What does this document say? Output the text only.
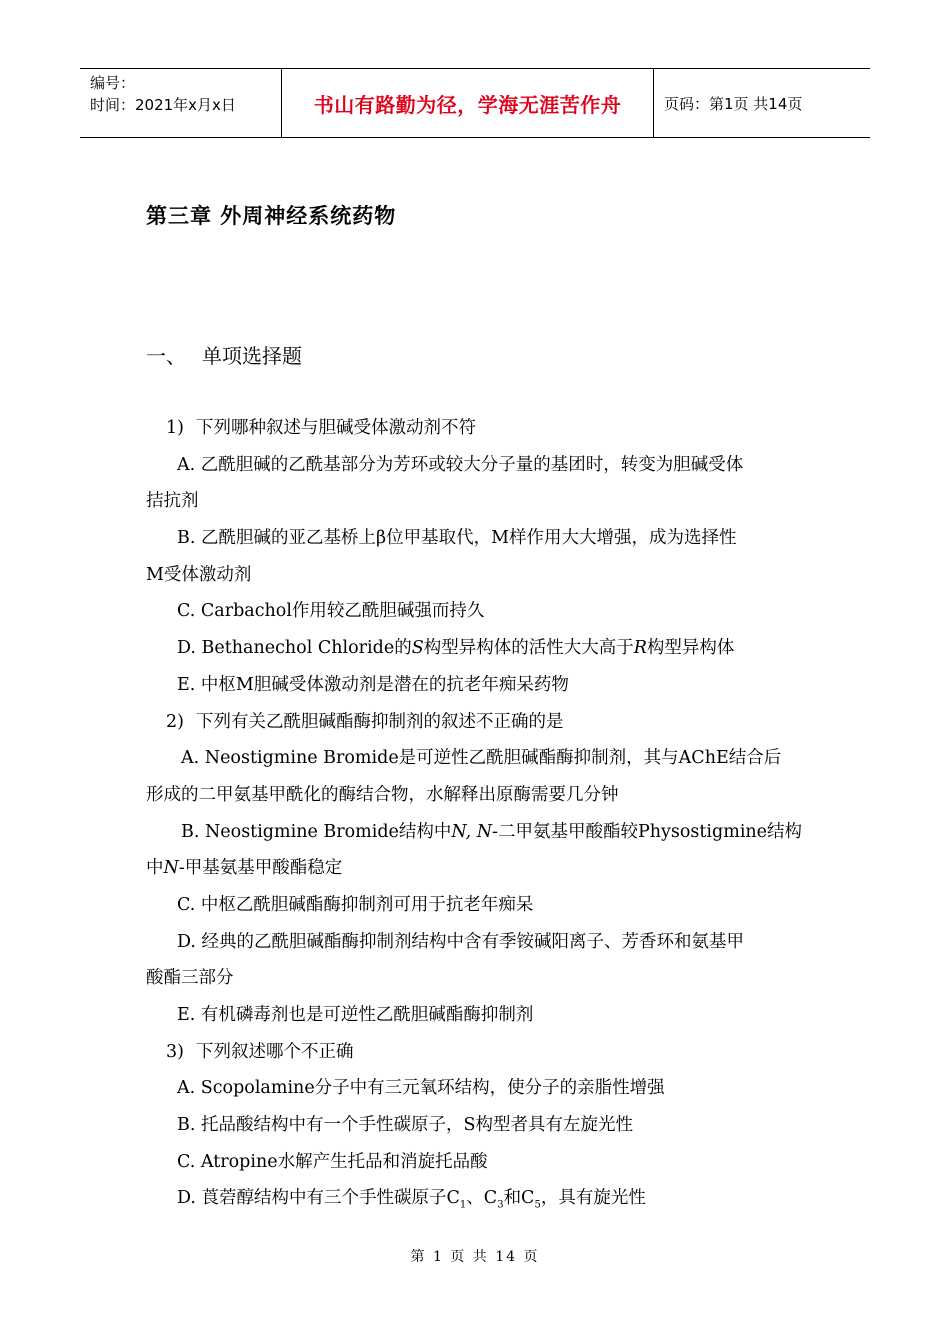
编号：
时间：2021年x月x日	书山有路勤为径，学海无涯苦作舟	页码：第1页 共14页
第三章 外周神经系统药物
一、 单项选择题
1) 下列哪种叙述与胆碱受体激动剂不符
A. 乙酰胆碱的乙酰基部分为芳环或较大分子量的基团时，转变为胆碱受体
拮抗剂
B. 乙酰胆碱的亚乙基桥上β位甲基取代，M样作用大大增强，成为选择性
M受体激动剂
C. Carbachol作用较乙酰胆碱强而持久
D. Bethanechol Chloride的S构型异构体的活性大大高于R构型异构体
E. 中枢M胆碱受体激动剂是潜在的抗老年痴呆药物
2) 下列有关乙酰胆碱酯酶抑制剂的叙述不正确的是
A. Neostigmine Bromide是可逆性乙酰胆碱酯酶抑制剂，其与AChE结合后
形成的二甲氨基甲酰化的酶结合物，水解释出原酶需要几分钟
B. Neostigmine Bromide结构中N, N-二甲氨基甲酸酯较Physostigmine结构
中N-甲基氨基甲酸酯稳定
C. 中枢乙酰胆碱酯酶抑制剂可用于抗老年痴呆
D. 经典的乙酰胆碱酯酶抑制剂结构中含有季铵碱阳离子、芳香环和氨基甲
酸酯三部分
E. 有机磷毒剂也是可逆性乙酰胆碱酯酶抑制剂
3) 下列叙述哪个不正确
A. Scopolamine分子中有三元氧环结构，使分子的亲脂性增强
B. 托品酸结构中有一个手性碳原子，S构型者具有左旋光性
C. Atropine水解产生托品和消旋托品酸
D. 莨菪醇结构中有三个手性碳原子$C_1$、$C_3$和$C_5$，具有旋光性
第 1 页 共 14 页
